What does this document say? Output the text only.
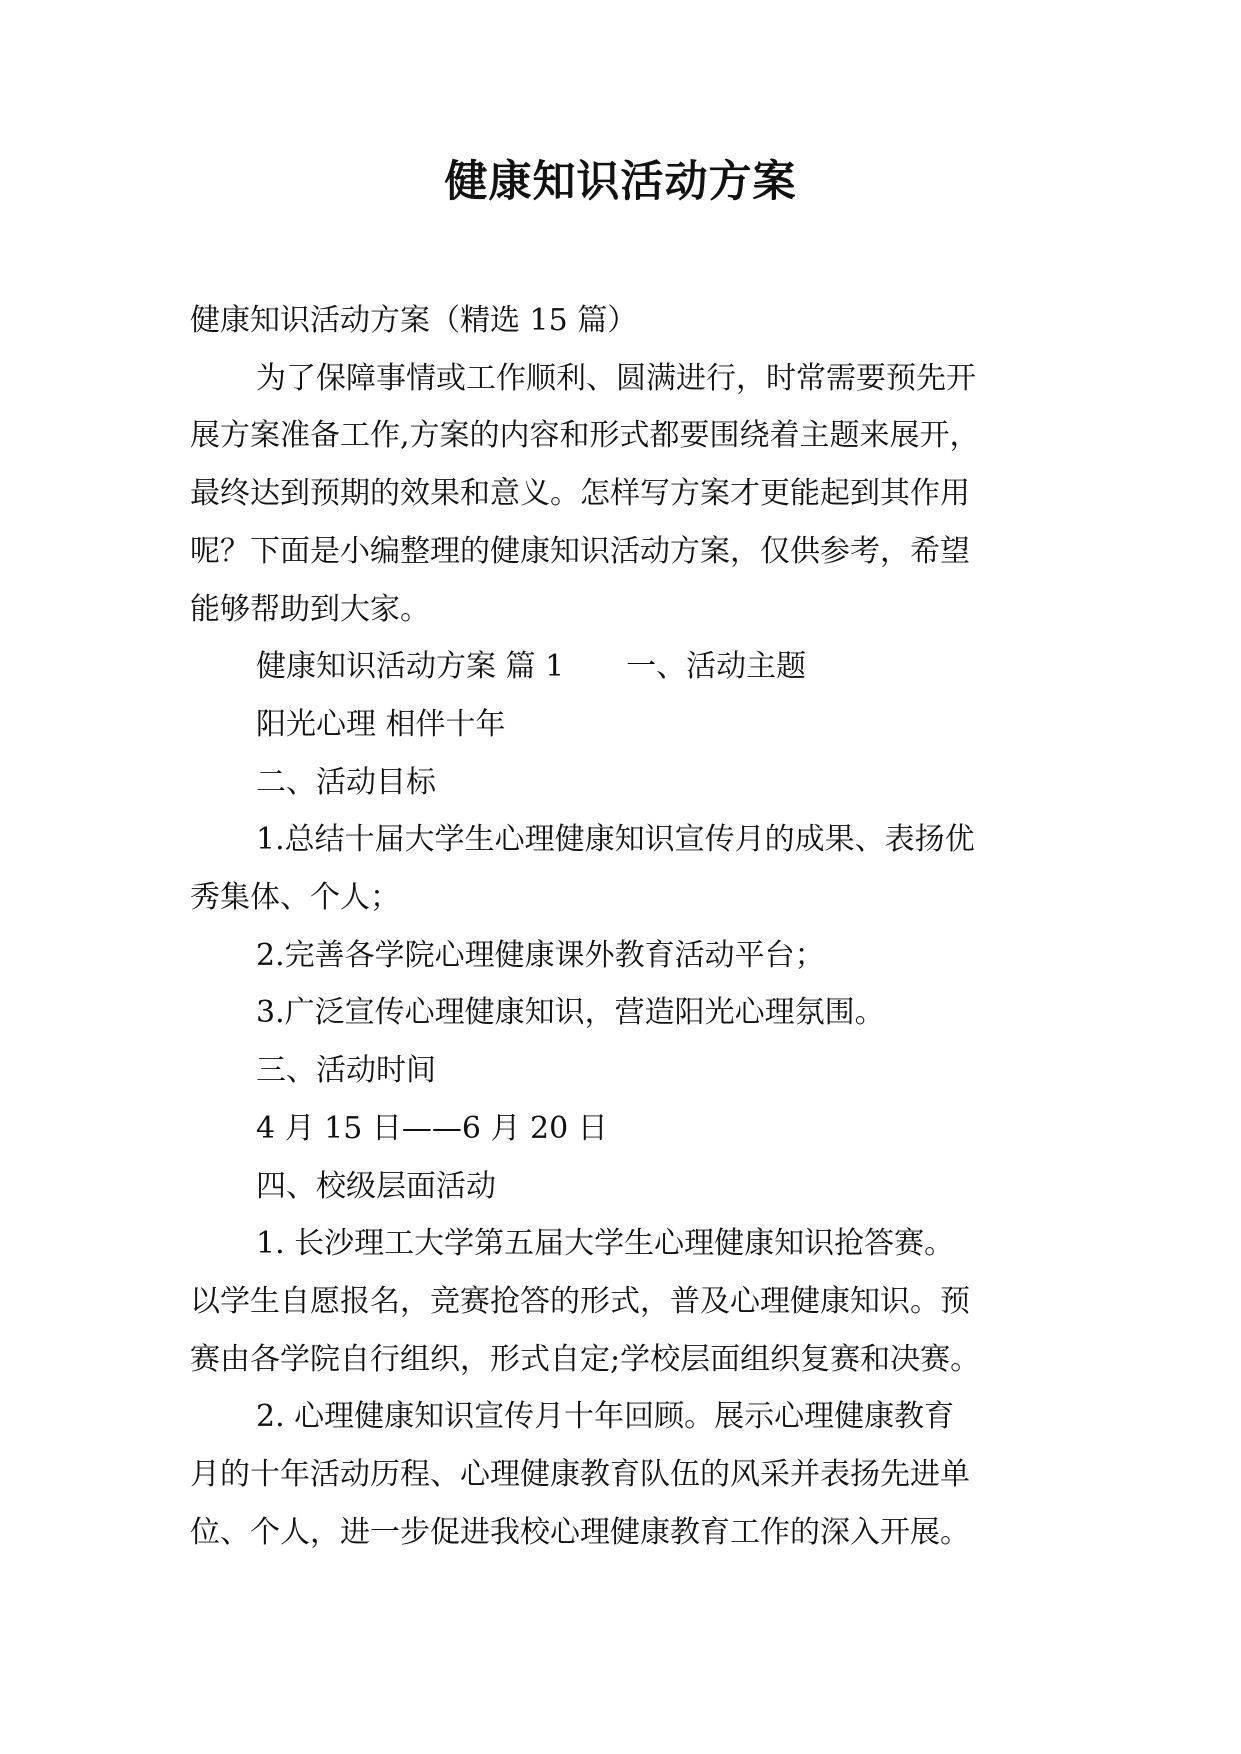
健康知识活动方案

健康知识活动方案（精选 15 篇）

为了保障事情或工作顺利、圆满进行，时常需要预先开

展方案准备工作,方案的内容和形式都要围绕着主题来展开，

最终达到预期的效果和意义。怎样写方案才更能起到其作用

呢？下面是小编整理的健康知识活动方案，仅供参考，希望

能够帮助到大家。

健康知识活动方案 篇 1 一、活动主题

阳光心理 相伴十年

二、活动目标

1.总结十届大学生心理健康知识宣传月的成果、表扬优

秀集体、个人；

2.完善各学院心理健康课外教育活动平台；

3.广泛宣传心理健康知识，营造阳光心理氛围。

三、活动时间

4 月 15 日——6 月 20 日

四、校级层面活动

1. 长沙理工大学第五届大学生心理健康知识抢答赛。

以学生自愿报名，竞赛抢答的形式，普及心理健康知识。预

赛由各学院自行组织，形式自定;学校层面组织复赛和决赛。

2. 心理健康知识宣传月十年回顾。展示心理健康教育

月的十年活动历程、心理健康教育队伍的风采并表扬先进单

位、个人，进一步促进我校心理健康教育工作的深入开展。
